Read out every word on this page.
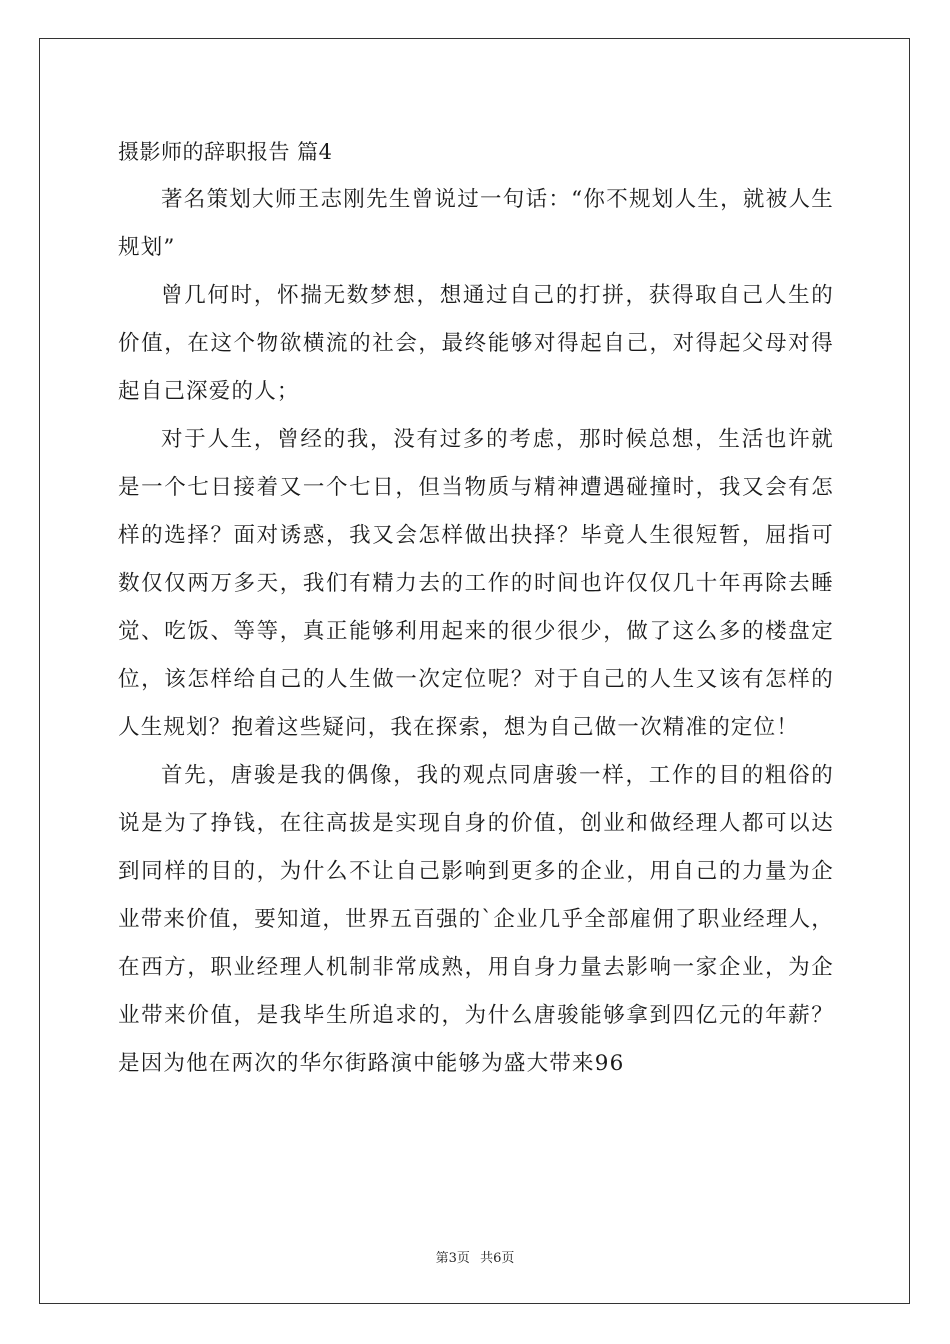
摄影师的辞职报告 篇4

著名策划大师王志刚先生曾说过一句话：“你不规划人生，就被人生规划”

曾几何时，怀揣无数梦想，想通过自己的打拼，获得取自己人生的价值，在这个物欲横流的社会，最终能够对得起自己，对得起父母对得起自己深爱的人；

对于人生，曾经的我，没有过多的考虑，那时候总想，生活也许就是一个七日接着又一个七日，但当物质与精神遭遇碰撞时，我又会有怎样的选择？面对诱惑，我又会怎样做出抉择？毕竟人生很短暂，屈指可数仅仅两万多天，我们有精力去的工作的时间也许仅仅几十年再除去睡觉、吃饭、等等，真正能够利用起来的很少很少，做了这么多的楼盘定位，该怎样给自己的人生做一次定位呢？对于自己的人生又该有怎样的人生规划？抱着这些疑问，我在探索，想为自己做一次精准的定位！

首先，唐骏是我的偶像，我的观点同唐骏一样，工作的目的粗俗的说是为了挣钱，在往高拔是实现自身的价值，创业和做经理人都可以达到同样的目的，为什么不让自己影响到更多的企业，用自己的力量为企业带来价值，要知道，世界五百强的`企业几乎全部雇佣了职业经理人，在西方，职业经理人机制非常成熟，用自身力量去影响一家企业，为企业带来价值，是我毕生所追求的，为什么唐骏能够拿到四亿元的年薪？是因为他在两次的华尔街路演中能够为盛大带来96

第3页 共6页
